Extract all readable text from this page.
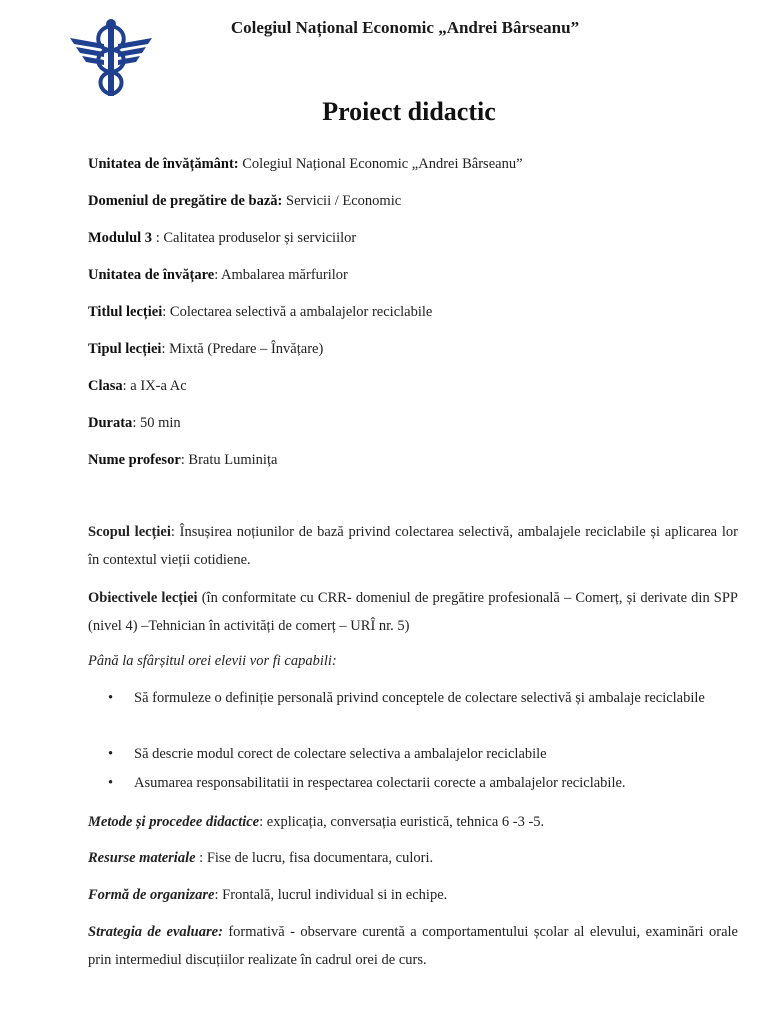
Colegiul Național Economic „Andrei Bârseanu”
Proiect didactic
Unitatea de învățământ: Colegiul Național Economic „Andrei Bârseanu”
Domeniul de pregătire de bază: Servicii / Economic
Modulul 3 : Calitatea produselor și serviciilor
Unitatea de învățare: Ambalarea mărfurilor
Titlul lecției: Colectarea selectivă a ambalajelor reciclabile
Tipul lecției: Mixtă (Predare – Învățare)
Clasa: a IX-a Ac
Durata: 50 min
Nume profesor: Bratu Luminița
Scopul lecției: Însușirea noțiunilor de bază privind colectarea selectivă, ambalajele reciclabile și aplicarea lor în contextul vieții cotidiene.
Obiectivele lecției (în conformitate cu CRR- domeniul de pregătire profesională – Comerț, și derivate din SPP (nivel 4) –Tehnician în activități de comerț – URÎ nr. 5)
Până la sfârșitul orei elevii vor fi capabili:
• Să formuleze o definiție personală privind conceptele de colectare selectivă și ambalaje reciclabile
• Să descrie modul corect de colectare selectiva a ambalajelor reciclabile
• Asumarea responsabilitatii in respectarea colectarii corecte a ambalajelor reciclabile.
Metode și procedee didactice: explicația, conversația euristică, tehnica 6 -3 -5.
Resurse materiale : Fise de lucru, fisa documentara, culori.
Formă de organizare: Frontală, lucrul individual si in echipe.
Strategia de evaluare: formativă - observare curentă a comportamentului școlar al elevului, examinări orale prin intermediul discuțiilor realizate în cadrul orei de curs.
